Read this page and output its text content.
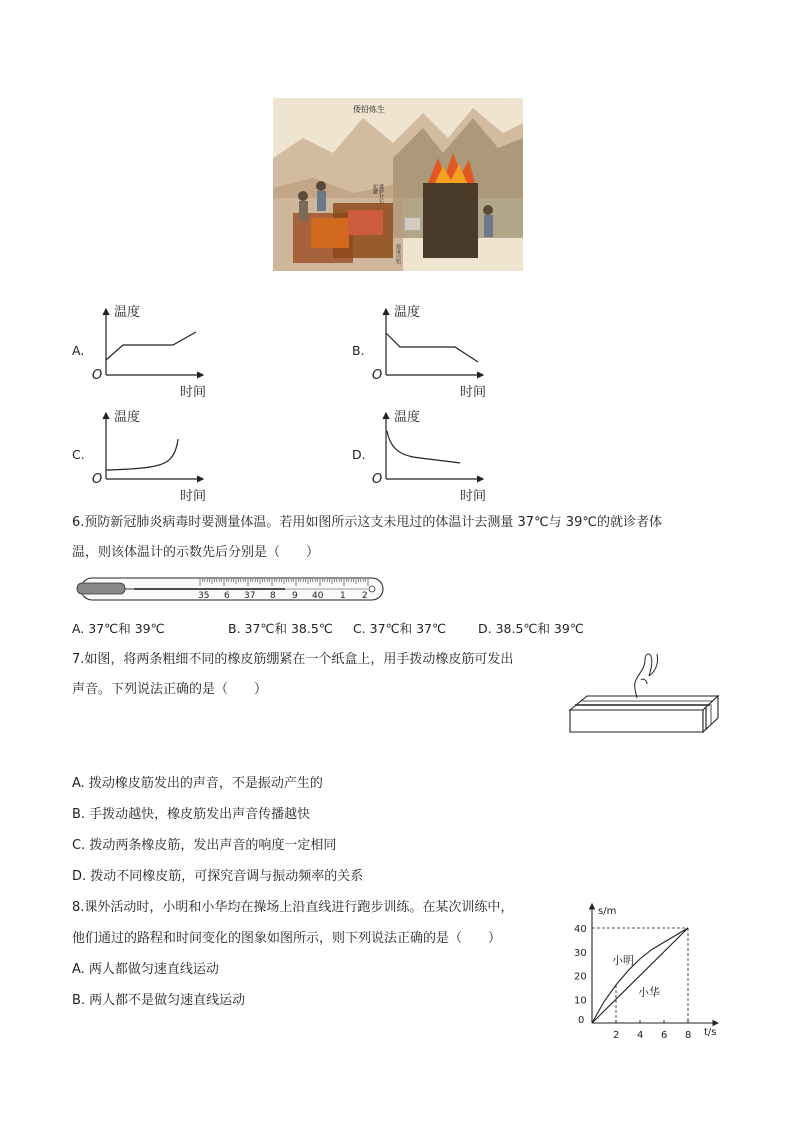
倭铅炼生
泥罐 盛炉甘石
熔成白铅
A.
温度
O
时间
B.
温度
O
时间
C.
温度
O
时间
D.
温度
O
时间
6.预防新冠肺炎病毒时要测量体温。若用如图所示这支未甩过的体温计去测量 37℃与 39℃的就诊者体
温，则该体温计的示数先后分别是（　　）
35 6 37 8 9 40 1 2
A. 37℃和 39℃	B. 37℃和 38.5℃ C. 37℃和 37℃	D. 38.5℃和 39℃
7.如图，将两条粗细不同的橡皮筋绷紧在一个纸盒上，用手拨动橡皮筋可发出
声音。下列说法正确的是（　　）
A. 拨动橡皮筋发出的声音，不是振动产生的
B. 手拨动越快，橡皮筋发出声音传播越快
C. 拨动两条橡皮筋，发出声音的响度一定相同
D. 拨动不同橡皮筋，可探究音调与振动频率的关系
8.课外活动时，小明和小华均在操场上沿直线进行跑步训练。在某次训练中，
他们通过的路程和时间变化的图象如图所示，则下列说法正确的是（　　）
A. 两人都做匀速直线运动
B. 两人都不是做匀速直线运动
s/m
t/s
0
2 4 6 8
10
20
30
40
小明
小华
